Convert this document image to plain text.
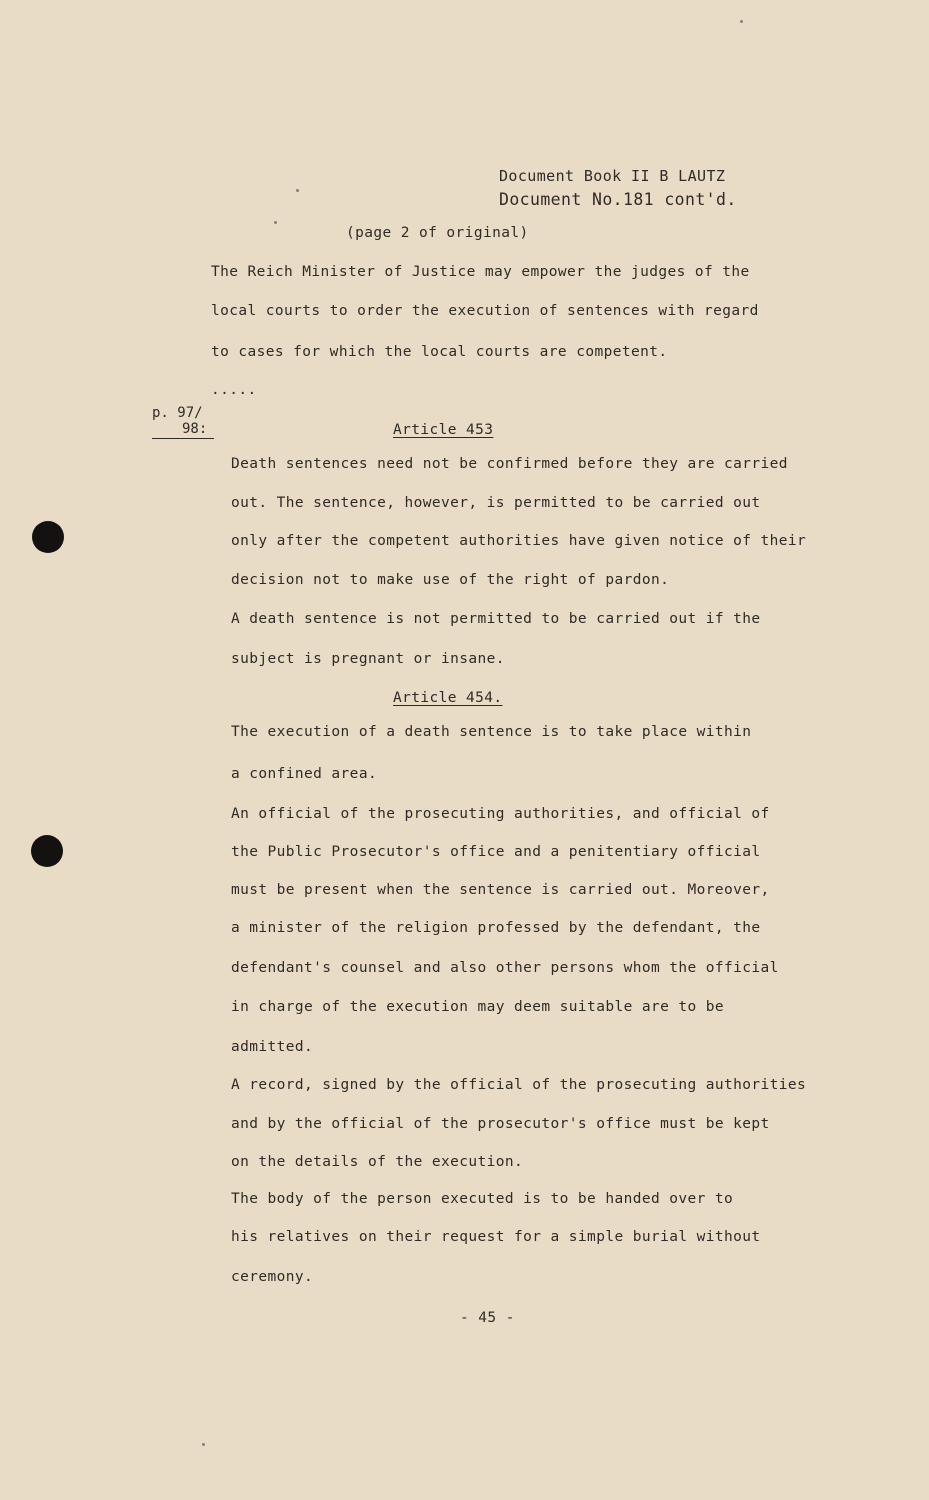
Document Book II B LAUTZ
Document No.181 cont'd.
(page 2 of original)
The Reich Minister of Justice may empower the judges of the
local courts to order the execution of sentences with regard
to cases for which the local courts are competent.
.....
p. 97/
98:	Article 453
Death sentences need not be confirmed before they are carried
out. The sentence, however, is permitted to be carried out
only after the competent authorities have given notice of their
decision not to make use of the right of pardon.
A death sentence is not permitted to be carried out if the
subject is pregnant or insane.
Article 454.
The execution of a death sentence is to take place within
a confined area.
An official of the prosecuting authorities, and official of
the Public Prosecutor's office and a penitentiary official
must be present when the sentence is carried out. Moreover,
a minister of the religion professed by the defendant, the
defendant's counsel and also other persons whom the official
in charge of the execution may deem suitable are to be
admitted.
A record, signed by the official of the prosecuting authorities
and by the official of the prosecutor's office must be kept
on the details of the execution.
The body of the person executed is to be handed over to
his relatives on their request for a simple burial without
ceremony.
- 45 -
